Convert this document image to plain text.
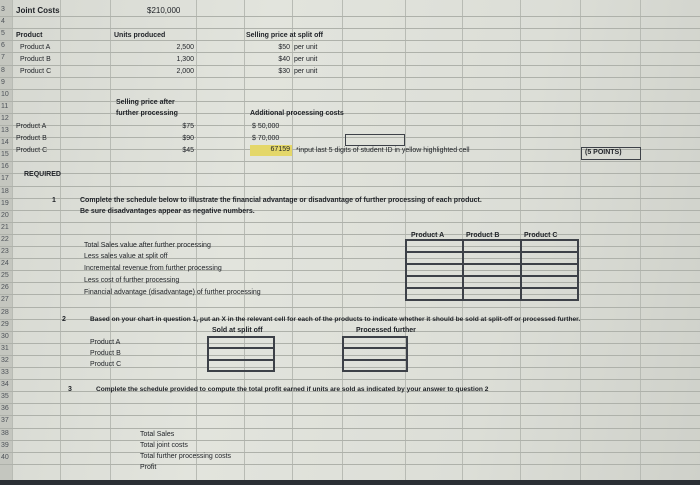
3
4
5
6
7
8
9
10
11
12
13
14
15
16
17
18
19
20
21
22
23
24
25
26
27
28
29
30
31
32
33
34
35
36
37
38
39
40
Joint Costs	$210,000
Product	Units produced	Selling price at split off
Product A	2,500	$50 per unit
Product B	1,300	$40 per unit
Product C	2,000	$30 per unit
Selling price after
further processing	Additional processing costs
Product A	$75	$ 50,000
Product B	$90	$ 70,000
Product C	$45	67159 *input last 5 digits of student ID in yellow highlighted cell	(5 POINTS)
REQUIRED
1	Complete the schedule below to illustrate the financial advantage or disadvantage of further processing of each product.
Be sure disadvantages appear as negative numbers.
Product A	Product B	Product C
Total Sales value after further processing
Less sales value at split off
Incremental revenue from further processing
Less cost of further processing
Financial advantage (disadvantage) of further processing
2	Based on your chart in question 1, put an X in the relevant cell for each of the products to indicate whether it should be sold at split-off or processed further.
Sold at split off	Processed further
Product A
Product B
Product C
3	Complete the schedule provided to compute the total profit earned if units are sold as indicated by your answer to question 2
Total Sales
Total joint costs
Total further processing costs
Profit
